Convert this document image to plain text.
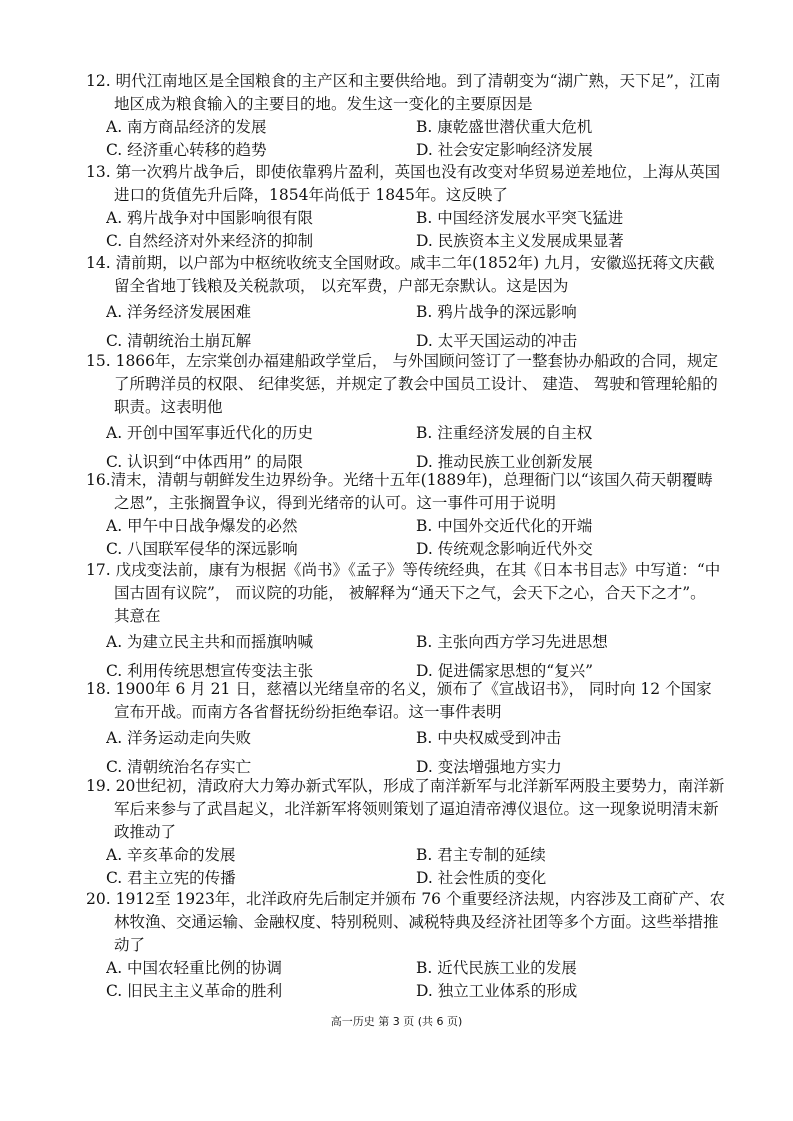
12. 明代江南地区是全国粮食的主产区和主要供给地。到了清朝变为“湖广熟，天下足”，江南地区成为粮食输入的主要目的地。发生这一变化的主要原因是
A. 南方商品经济的发展	B. 康乾盛世潜伏重大危机
C. 经济重心转移的趋势	D. 社会安定影响经济发展
13. 第一次鸦片战争后，即使依靠鸦片盈利，英国也没有改变对华贸易逆差地位，上海从英国进口的货值先升后降，1854年尚低于 1845年。这反映了
A. 鸦片战争对中国影响很有限	B. 中国经济发展水平突飞猛进
C. 自然经济对外来经济的抑制	D. 民族资本主义发展成果显著
14. 清前期，以户部为中枢统收统支全国财政。咸丰二年(1852年) 九月，安徽巡抚蒋文庆截留全省地丁钱粮及关税款项， 以充军费，户部无奈默认。这是因为
A. 洋务经济发展困难	B. 鸦片战争的深远影响
C. 清朝统治土崩瓦解	D. 太平天国运动的冲击
15. 1866年，左宗棠创办福建船政学堂后， 与外国顾问签订了一整套协办船政的合同，规定了所聘洋员的权限、 纪律奖惩，并规定了教会中国员工设计、 建造、 驾驶和管理轮船的职责。这表明他
A. 开创中国军事近代化的历史	B. 注重经济发展的自主权
C. 认识到“中体西用” 的局限	D. 推动民族工业创新发展
16.清末，清朝与朝鲜发生边界纷争。光绪十五年(1889年)，总理衙门以“该国久荷天朝覆畴之恩”，主张搁置争议，得到光绪帝的认可。这一事件可用于说明
A. 甲午中日战争爆发的必然	B. 中国外交近代化的开端
C. 八国联军侵华的深远影响	D. 传统观念影响近代外交
17. 戊戌变法前，康有为根据《尚书》《孟子》等传统经典，在其《日本书目志》中写道：“中国古固有议院”， 而议院的功能， 被解释为“通天下之气，会天下之心，合天下之才”。 其意在
A. 为建立民主共和而摇旗呐喊	B. 主张向西方学习先进思想
C. 利用传统思想宣传变法主张	D. 促进儒家思想的“复兴”
18. 1900年 6 月 21 日，慈禧以光绪皇帝的名义，颁布了《宣战诏书》， 同时向 12 个国家宣布开战。而南方各省督抚纷纷拒绝奉诏。这一事件表明
A. 洋务运动走向失败	B. 中央权威受到冲击
C. 清朝统治名存实亡	D. 变法增强地方实力
19. 20世纪初，清政府大力筹办新式军队，形成了南洋新军与北洋新军两股主要势力，南洋新军后来参与了武昌起义，北洋新军将领则策划了逼迫清帝溥仪退位。这一现象说明清末新政推动了
A. 辛亥革命的发展	B. 君主专制的延续
C. 君主立宪的传播	D. 社会性质的变化
20. 1912至 1923年，北洋政府先后制定并颁布 76 个重要经济法规，内容涉及工商矿产、农林牧渔、交通运输、金融权度、特别税则、减税特典及经济社团等多个方面。这些举措推动了
A. 中国农轻重比例的协调	B. 近代民族工业的发展
C. 旧民主主义革命的胜利	D. 独立工业体系的形成
高一历史 第 3 页 (共 6 页)
